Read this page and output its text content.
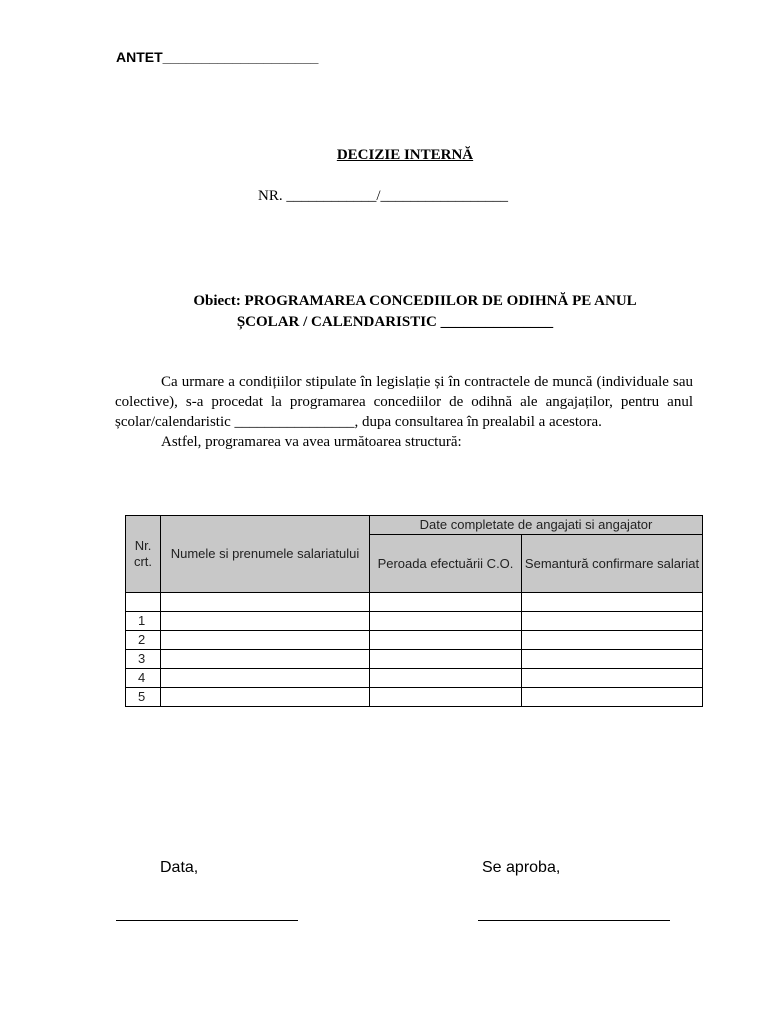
ANTET____________________
DECIZIE INTERNĂ
NR. ____________/_________________
Obiect: PROGRAMAREA CONCEDIILOR DE ODIHNĂ PE ANUL
ȘCOLAR / CALENDARISTIC _______________

Ca urmare a condițiilor stipulate în legislație și în contractele de muncă (individuale sau colective), s-a procedat la programarea concediilor de odihnă ale angajaților, pentru anul școlar/calendaristic ________________, dupa consultarea în prealabil a acestora.

Astfel, programarea va avea următoarea structură:

Nr. crt.	Numele si prenumele salariatului	Date completate de angajati si angajator	
		Peroada efectuării C.O.	Semantură confirmare salariat

1			
2			
3			
4			
5			
Data,	Se aproba,
